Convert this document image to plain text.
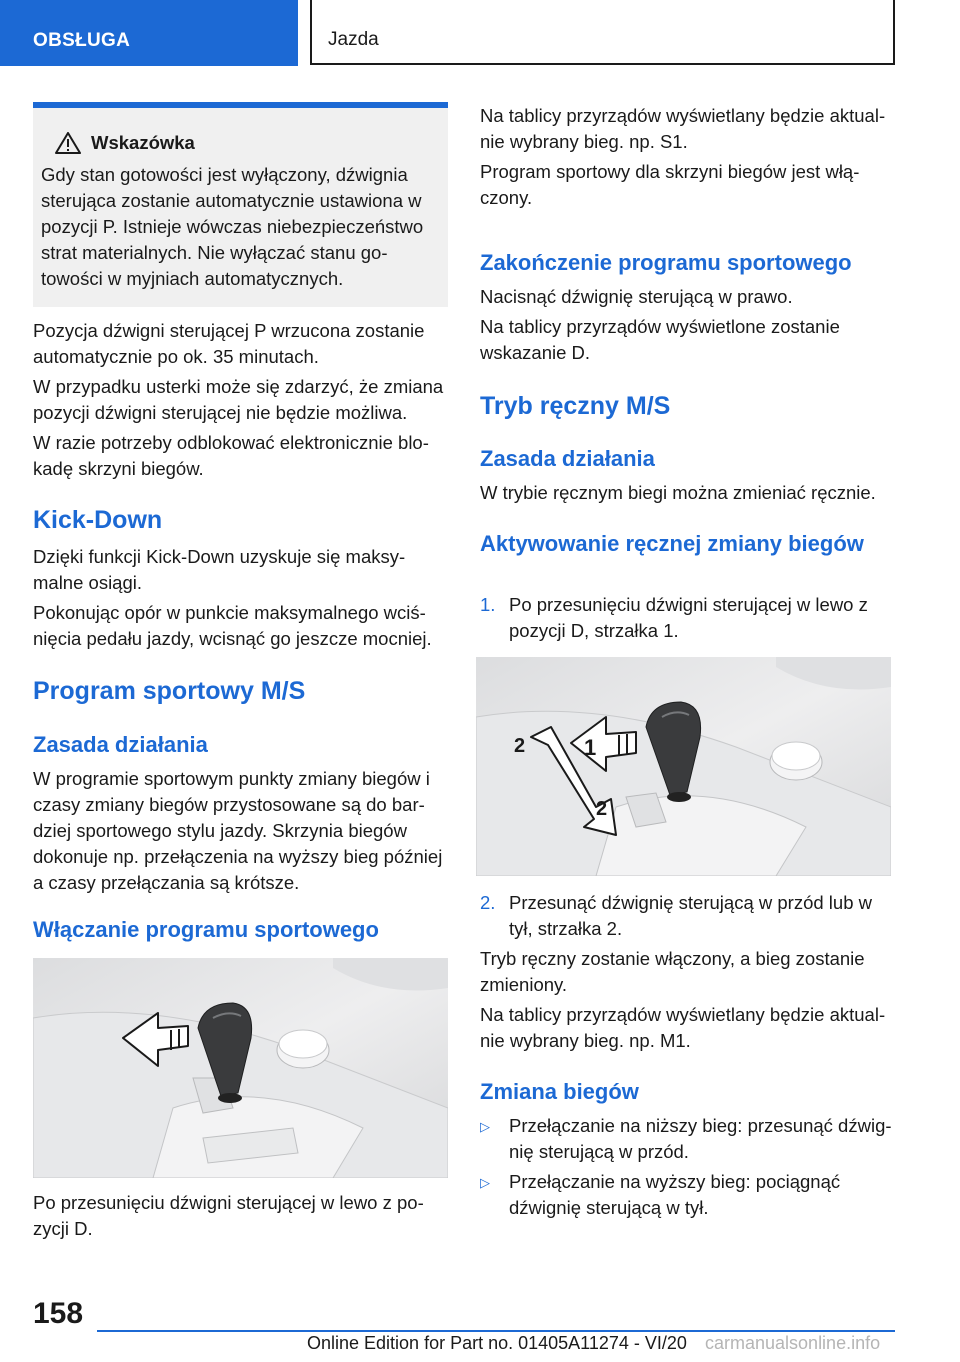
OBSŁUGA	Jazda
Wskazówka

Gdy stan gotowości jest wyłączony, dźwignia sterująca zostanie automatycznie ustawiona w pozycji P. Istnieje wówczas niebezpieczeństwo strat materialnych. Nie wyłączać stanu gotowości w myjniach automatycznych.

Pozycja dźwigni sterującej P wrzucona zostanie automatycznie po ok. 35 minutach.

W przypadku usterki może się zdarzyć, że zmiana pozycji dźwigni sterującej nie będzie możliwa.

W razie potrzeby odblokować elektronicznie blokadę skrzyni biegów.

Kick-Down

Dzięki funkcji Kick-Down uzyskuje się maksymalne osiągi.

Pokonując opór w punkcie maksymalnego wciśnięcia pedału jazdy, wcisnąć go jeszcze mocniej.

Program sportowy M/S
Zasada działania

W programie sportowym punkty zmiany biegów i czasy zmiany biegów przystosowane są do bardziej sportowego stylu jazdy. Skrzynia biegów dokonuje np. przełączenia na wyższy bieg później a czasy przełączania są krótsze.

Włączanie programu sportowego

Po przesunięciu dźwigni sterującej w lewo z pozycji D.

Na tablicy przyrządów wyświetlany będzie aktualnie wybrany bieg. np. S1.

Program sportowy dla skrzyni biegów jest włączony.

Zakończenie programu sportowego

Nacisnąć dźwignię sterującą w prawo.

Na tablicy przyrządów wyświetlone zostanie wskazanie D.

Tryb ręczny M/S
Zasada działania

W trybie ręcznym biegi można zmieniać ręcznie.

Aktywowanie ręcznej zmiany biegów
1. Po przesunięciu dźwigni sterującej w lewo z pozycji D, strzałka 1.
1
2
2
2. Przesunąć dźwignię sterującą w przód lub w tył, strzałka 2.

Tryb ręczny zostanie włączony, a bieg zostanie zmieniony.

Na tablicy przyrządów wyświetlany będzie aktualnie wybrany bieg. np. M1.

Zmiana biegów
▷	Przełączanie na niższy bieg: przesunąć dźwignię sterującą w przód.
▷	Przełączanie na wyższy bieg: pociągnąć dźwignię sterującą w tył.
158
Online Edition for Part no. 01405A11274 - VI/20 carmanualsonline.info
